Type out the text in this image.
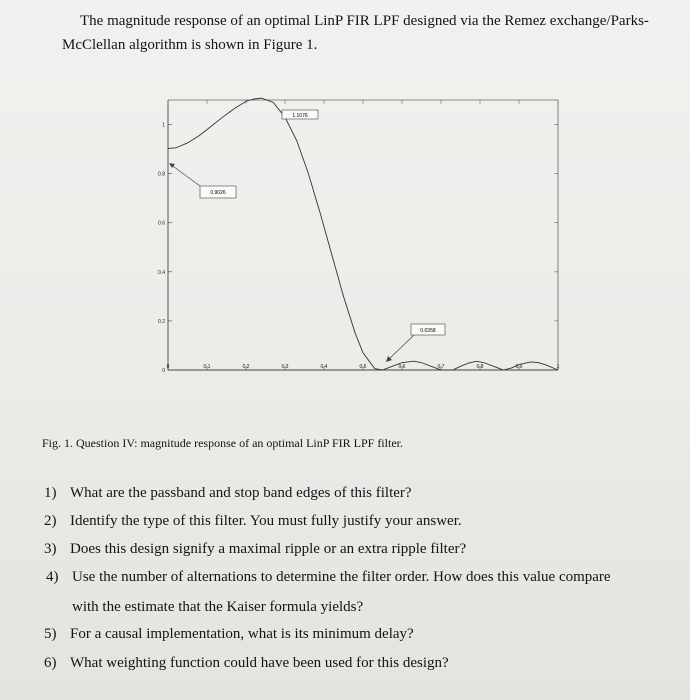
The magnitude response of an optimal LinP FIR LPF designed via the Remez exchange/Parks-
McClellan algorithm is shown in Figure 1.
0	0.1	0.2	0.3	0.4	0.5	0.6	0.7	0.8	0.9	1
0
0.2
0.4
0.6
0.8
1
1.1076
0.9026
0.0358
Fig. 1. Question IV: magnitude response of an optimal LinP FIR LPF filter.
1) What are the passband and stop band edges of this filter?
2) Identify the type of this filter. You must fully justify your answer.
3) Does this design signify a maximal ripple or an extra ripple filter?
4) Use the number of alternations to determine the filter order. How does this value compare
with the estimate that the Kaiser formula yields?
5) For a causal implementation, what is its minimum delay?
6) What weighting function could have been used for this design?
